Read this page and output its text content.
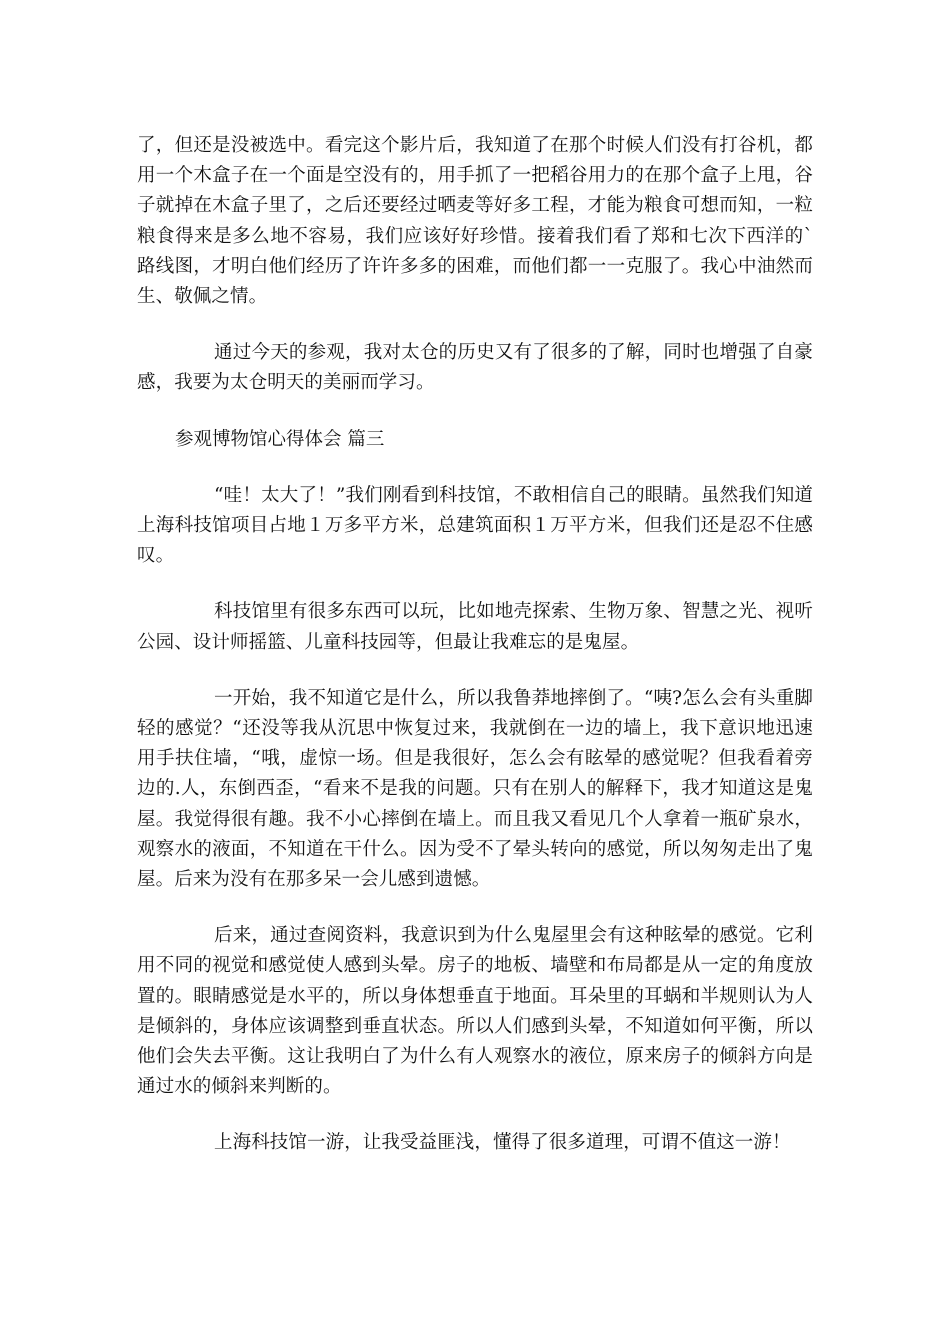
了，但还是没被选中。看完这个影片后，我知道了在那个时候人们没有打谷机，都用一个木盒子在一个面是空没有的，用手抓了一把稻谷用力的在那个盒子上甩，谷子就掉在木盒子里了，之后还要经过晒麦等好多工程，才能为粮食可想而知，一粒粮食得来是多么地不容易，我们应该好好珍惜。接着我们看了郑和七次下西洋的`路线图，才明白他们经历了许许多多的困难，而他们都一一克服了。我心中油然而生、敬佩之情。

通过今天的参观，我对太仓的历史又有了很多的了解，同时也增强了自豪感，我要为太仓明天的美丽而学习。

参观博物馆心得体会 篇三

“哇！太大了！”我们刚看到科技馆，不敢相信自己的眼睛。虽然我们知道上海科技馆项目占地１万多平方米，总建筑面积１万平方米，但我们还是忍不住感叹。

科技馆里有很多东西可以玩，比如地壳探索、生物万象、智慧之光、视听公园、设计师摇篮、儿童科技园等，但最让我难忘的是鬼屋。

一开始，我不知道它是什么，所以我鲁莽地摔倒了。“咦?怎么会有头重脚轻的感觉？“还没等我从沉思中恢复过来，我就倒在一边的墙上，我下意识地迅速用手扶住墙，“哦，虚惊一场。但是我很好，怎么会有眩晕的感觉呢？但我看着旁边的.人，东倒西歪，“看来不是我的问题。只有在别人的解释下，我才知道这是鬼屋。我觉得很有趣。我不小心摔倒在墙上。而且我又看见几个人拿着一瓶矿泉水，观察水的液面，不知道在干什么。因为受不了晕头转向的感觉，所以匆匆走出了鬼屋。后来为没有在那多呆一会儿感到遗憾。

后来，通过查阅资料，我意识到为什么鬼屋里会有这种眩晕的感觉。它利用不同的视觉和感觉使人感到头晕。房子的地板、墙壁和布局都是从一定的角度放置的。眼睛感觉是水平的，所以身体想垂直于地面。耳朵里的耳蜗和半规则认为人是倾斜的，身体应该调整到垂直状态。所以人们感到头晕，不知道如何平衡，所以他们会失去平衡。这让我明白了为什么有人观察水的液位，原来房子的倾斜方向是通过水的倾斜来判断的。

上海科技馆一游，让我受益匪浅，懂得了很多道理，可谓不值这一游！
